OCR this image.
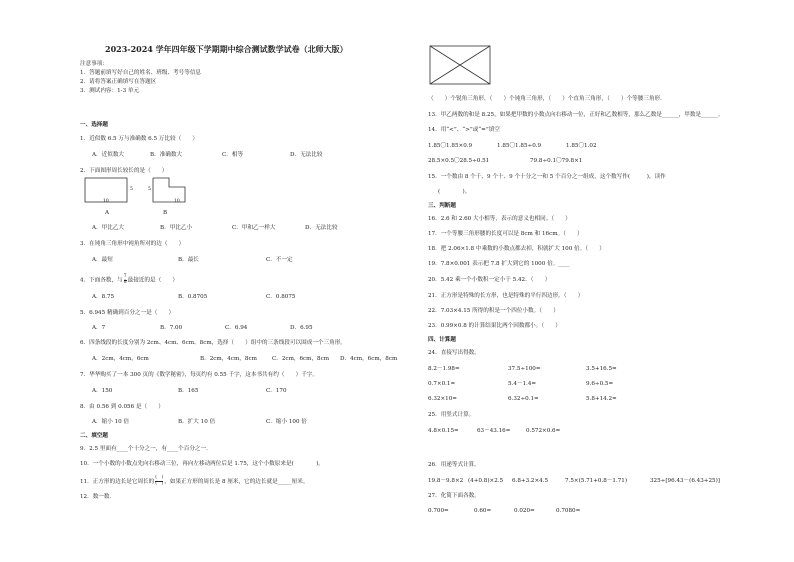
2023-2024 学年四年级下学期期中综合测试数学试卷（北师大版）
注意事项：
1．答题前填写好自己的姓名、班级、考号等信息
2．请将答案正确填写在答题区
3．测试内容：1-3 单元
一、选择题
1．近似数 6.5 万与准确数 6.5 万比较（　　）
A．近似数大	B．准确数大	C．相等	D．无法比较
2．下面图形周长较长的是（　　）
10
5
10
5
A	B
A．甲比乙大	B．甲比乙小	C．甲和乙一样大	D．无法比较
3．在钝角三角形中钝角所对的边（　　）
A．最短	B．最长	C．不一定
4．下面各数，与 $\frac{7}{8}$ 最接近的是（　　）
A．8.75	B．0.8705	C．0.8075
5．6.945 精确到百分之一是（　　）
A．7	B．7.00	C．6.94	D．6.95
6．四条线段的长度分别为 2cm、4cm、6cm、8cm，选择（　　）组中的三条线段可以围成一个三角形。
A．2cm，4cm，6cm	B．2cm，4cm，8cm	C．2cm，6cm，8cm D．4cm，6cm，8cm
7．华华购买了一本 300 页的《数学秘密》，每页约有 0.55 千字，这本书共有约（　　）千字。
A．150	B．165	C．170
8．由 0.56 到 0.056 是（　　）
A．缩小 10 倍	B．扩大 10 倍	C．缩小 100 倍
二、填空题
9．2.5 里面有____个十分之一，有____个百分之一．
10．一个小数的小数点先向右移动三位，再向左移动两位后是 1.75，这个小数原来是(　　　　)。
11．正方形的边长是它周长的
(　)
(　) ，如果正方形的周长是 8 厘米，它的边长就是_____厘米。
12．数一数．
（　　）个锐角三角形，（　　）个钝角三角形，（　　）个直角三角形，（　　）个等腰三角形．
13．甲乙两数的和是 8.25，如果把甲数的小数点向右移动一位，正好和乙数相等，那么乙数是______，甲数是______。
14．用“<”、“>”或“=”填空
1.85〇1.85×0.9	1.85〇1.85÷0.9	1.85〇1.02
28.5×0.5〇28.5÷0.51	79.8÷0.1〇79.8×1
15．一个数由 8 个千、9 个十、9 个十分之一和 5 个百分之一组成，这个数写作(　　　)，读作
(　　　　)。
三、判断题
16．2.6 和 2.60 大小相等，表示的意义也相同。（　　）
17．一个等腰三角形腰的长度可以是 8cm 和 16cm。（　　）
18．把 2.06×1.8 中乘数的小数点都去掉，积就扩大 100 倍。（　　）
19．7.8×0.001 表示把 7.8 扩大到它的 1000 倍。____
20．5.42 乘一个小数积一定小于 5.42．（　　）
21．正方形是特殊的长方形，也是特殊的平行四边形。（　　）
22．7.03×4.15 所得的积是一个四位小数。（　　）
23．0.99×0.8 的计算结果比两个因数都小。（　　）
四、计算题
24．直接写出得数。
8.2－1.98=	37.5÷100=	3.5+16.5=
0.7×0.1=	5.4－1.4=	9.6÷0.5=
6.32×10=	6.32÷0.1=	5.8+14.2=
25．用竖式计算。
4.8×0.15=	63－43.16=	0.572×0.6=
26．用递等式计算。
19.8－9.8×2 (4+0.8)×2.5 6.8+3.2×4.5	7.5×(5.71+0.8－1.71)	325÷[96.43－(6.43+25)]
27．化简下面各数。
0.700=	0.60=	0.020=	0.7080=
